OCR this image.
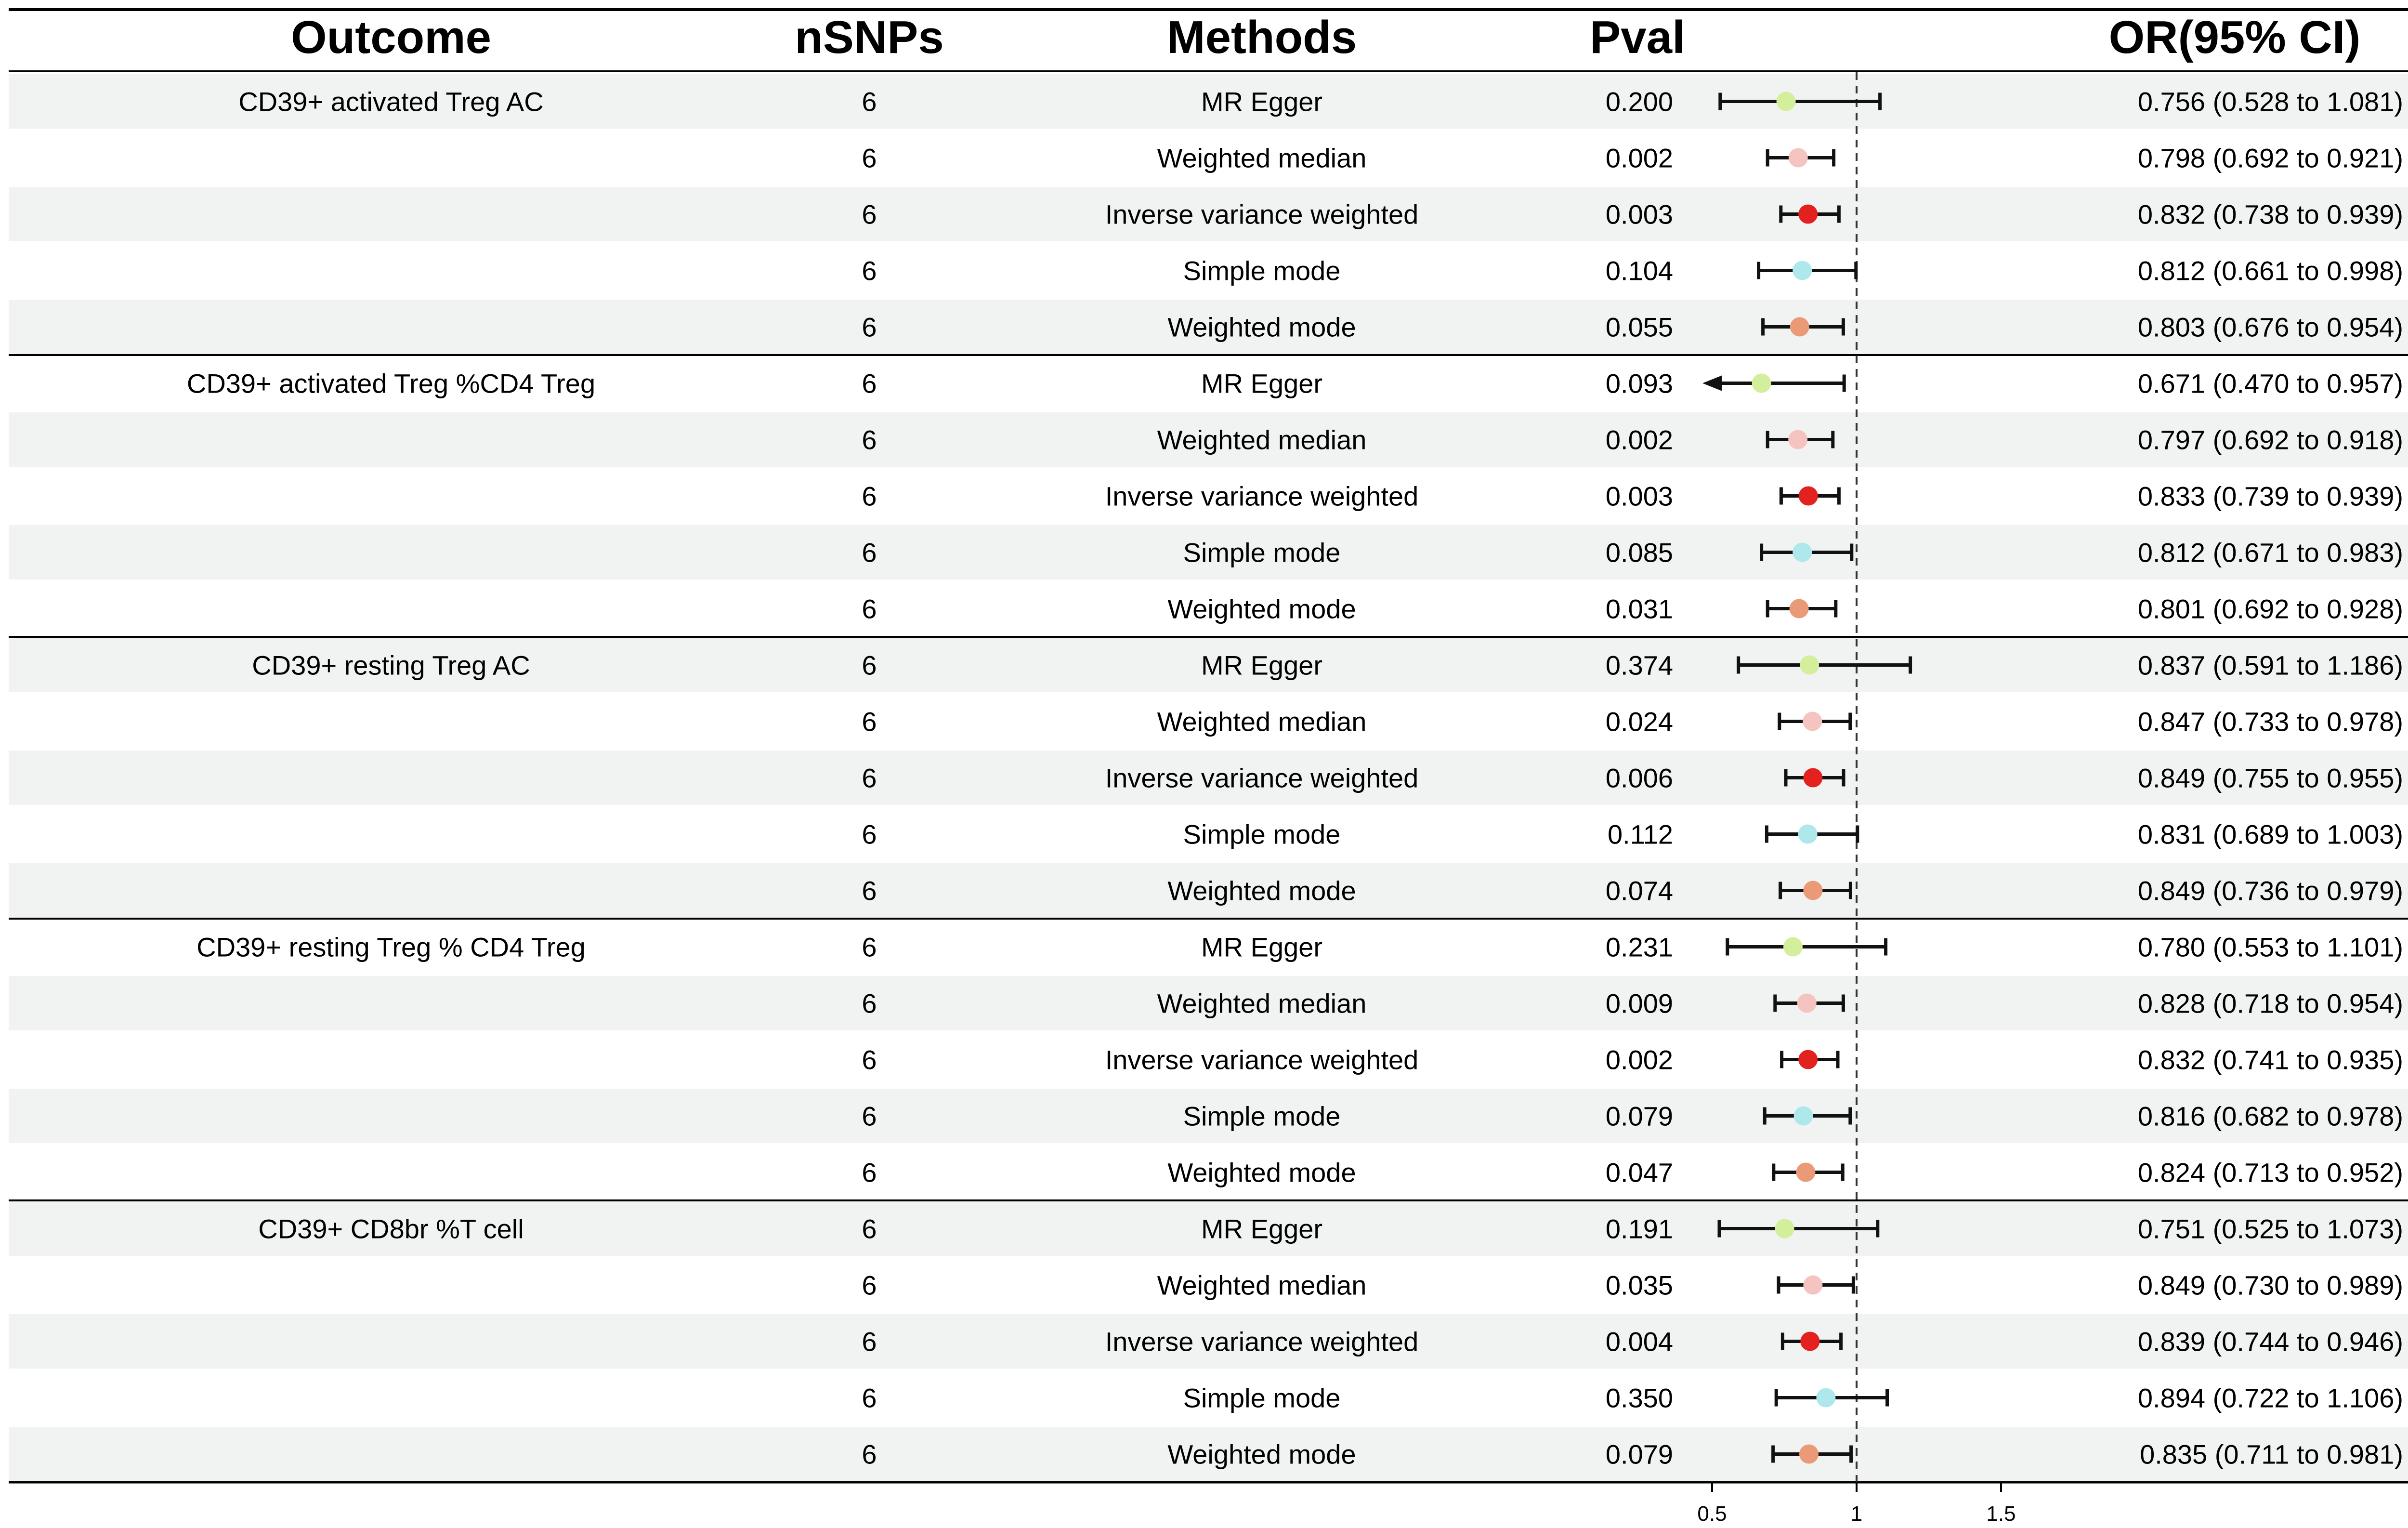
Outcome	nSNPs	Methods	Pval	OR(95% CI)
CD39+ activated Treg AC	6	MR Egger	0.200	0.756 (0.528 to 1.081)
6	Weighted median	0.002	0.798 (0.692 to 0.921)
6	Inverse variance weighted	0.003	0.832 (0.738 to 0.939)
6	Simple mode	0.104	0.812 (0.661 to 0.998)
6	Weighted mode	0.055	0.803 (0.676 to 0.954)
CD39+ activated Treg %CD4 Treg	6	MR Egger	0.093	0.671 (0.470 to 0.957)
6	Weighted median	0.002	0.797 (0.692 to 0.918)
6	Inverse variance weighted	0.003	0.833 (0.739 to 0.939)
6	Simple mode	0.085	0.812 (0.671 to 0.983)
6	Weighted mode	0.031	0.801 (0.692 to 0.928)
CD39+ resting Treg AC	6	MR Egger	0.374	0.837 (0.591 to 1.186)
6	Weighted median	0.024	0.847 (0.733 to 0.978)
6	Inverse variance weighted	0.006	0.849 (0.755 to 0.955)
6	Simple mode	0.112	0.831 (0.689 to 1.003)
6	Weighted mode	0.074	0.849 (0.736 to 0.979)
CD39+ resting Treg % CD4 Treg	6	MR Egger	0.231	0.780 (0.553 to 1.101)
6	Weighted median	0.009	0.828 (0.718 to 0.954)
6	Inverse variance weighted	0.002	0.832 (0.741 to 0.935)
6	Simple mode	0.079	0.816 (0.682 to 0.978)
6	Weighted mode	0.047	0.824 (0.713 to 0.952)
CD39+ CD8br %T cell	6	MR Egger	0.191	0.751 (0.525 to 1.073)
6	Weighted median	0.035	0.849 (0.730 to 0.989)
6	Inverse variance weighted	0.004	0.839 (0.744 to 0.946)
6	Simple mode	0.350	0.894 (0.722 to 1.106)
6	Weighted mode	0.079	0.835 (0.711 to 0.981)
0.5	1	1.5
